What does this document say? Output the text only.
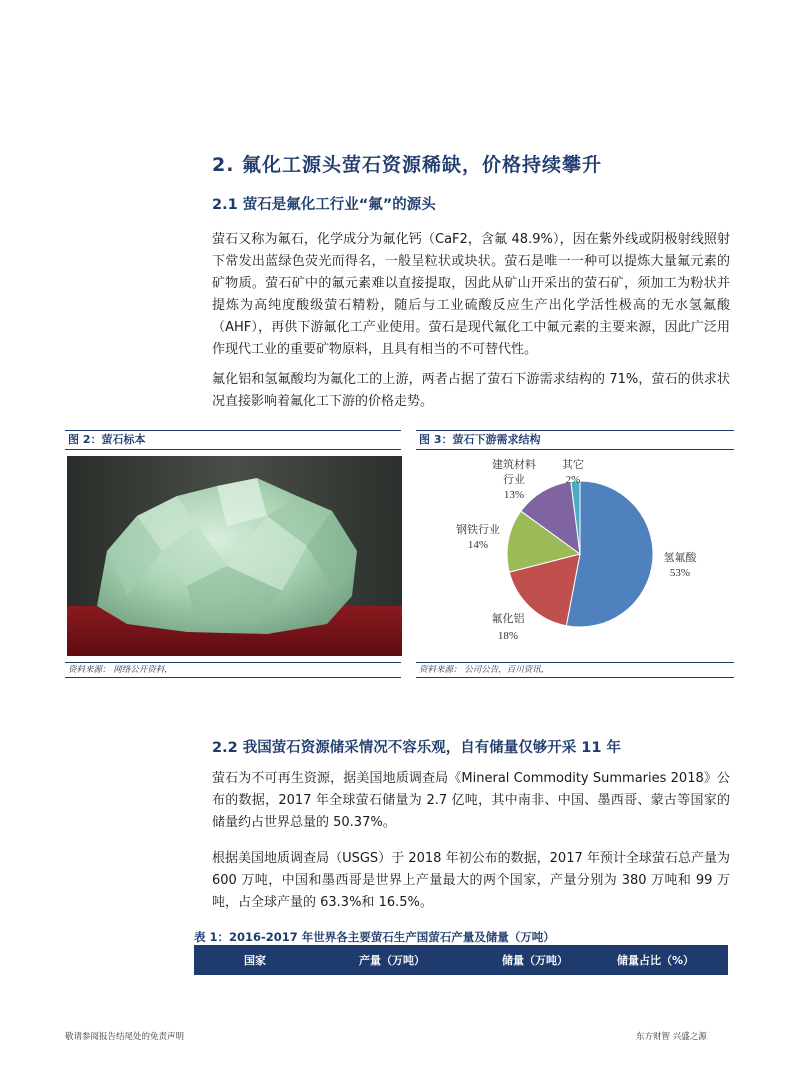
2. 氟化工源头萤石资源稀缺，价格持续攀升
2.1 萤石是氟化工行业“氟”的源头
萤石又称为氟石，化学成分为氟化钙（CaF2，含氟 48.9%），因在紫外线或阴极射线照射下常发出蓝绿色荧光而得名，一般呈粒状或块状。萤石是唯一一种可以提炼大量氟元素的矿物质。萤石矿中的氟元素难以直接提取，因此从矿山开采出的萤石矿，须加工为粉状并提炼为高纯度酸级萤石精粉，随后与工业硫酸反应生产出化学活性极高的无水氢氟酸（AHF），再供下游氟化工产业使用。萤石是现代氟化工中氟元素的主要来源，因此广泛用作现代工业的重要矿物原料，且具有相当的不可替代性。
氟化铝和氢氟酸均为氟化工的上游，两者占据了萤石下游需求结构的 71%，萤石的供求状况直接影响着氟化工下游的价格走势。
图 2：萤石标本
资料来源： 网络公开资料，
图 3：萤石下游需求结构
氢氟酸
53%
氟化铝
18%
钢铁行业
14%
建筑材料
行业
13%
其它
2%
资料来源： 公司公告，百川资讯，
2.2 我国萤石资源储采情况不容乐观，自有储量仅够开采 11 年
萤石为不可再生资源，据美国地质调查局《Mineral Commodity Summaries 2018》公布的数据，2017 年全球萤石储量为 2.7 亿吨，其中南非、中国、墨西哥、蒙古等国家的储量约占世界总量的 50.37%。
根据美国地质调查局（USGS）于 2018 年初公布的数据，2017 年预计全球萤石总产量为 600 万吨，中国和墨西哥是世界上产量最大的两个国家，产量分别为 380 万吨和 99 万吨，占全球产量的 63.3%和 16.5%。
表 1：2016-2017 年世界各主要萤石生产国萤石产量及储量（万吨）
国家	产量（万吨）	储量（万吨）	储量占比（%）
敬请参阅报告结尾处的免责声明	东方财智 兴盛之源
